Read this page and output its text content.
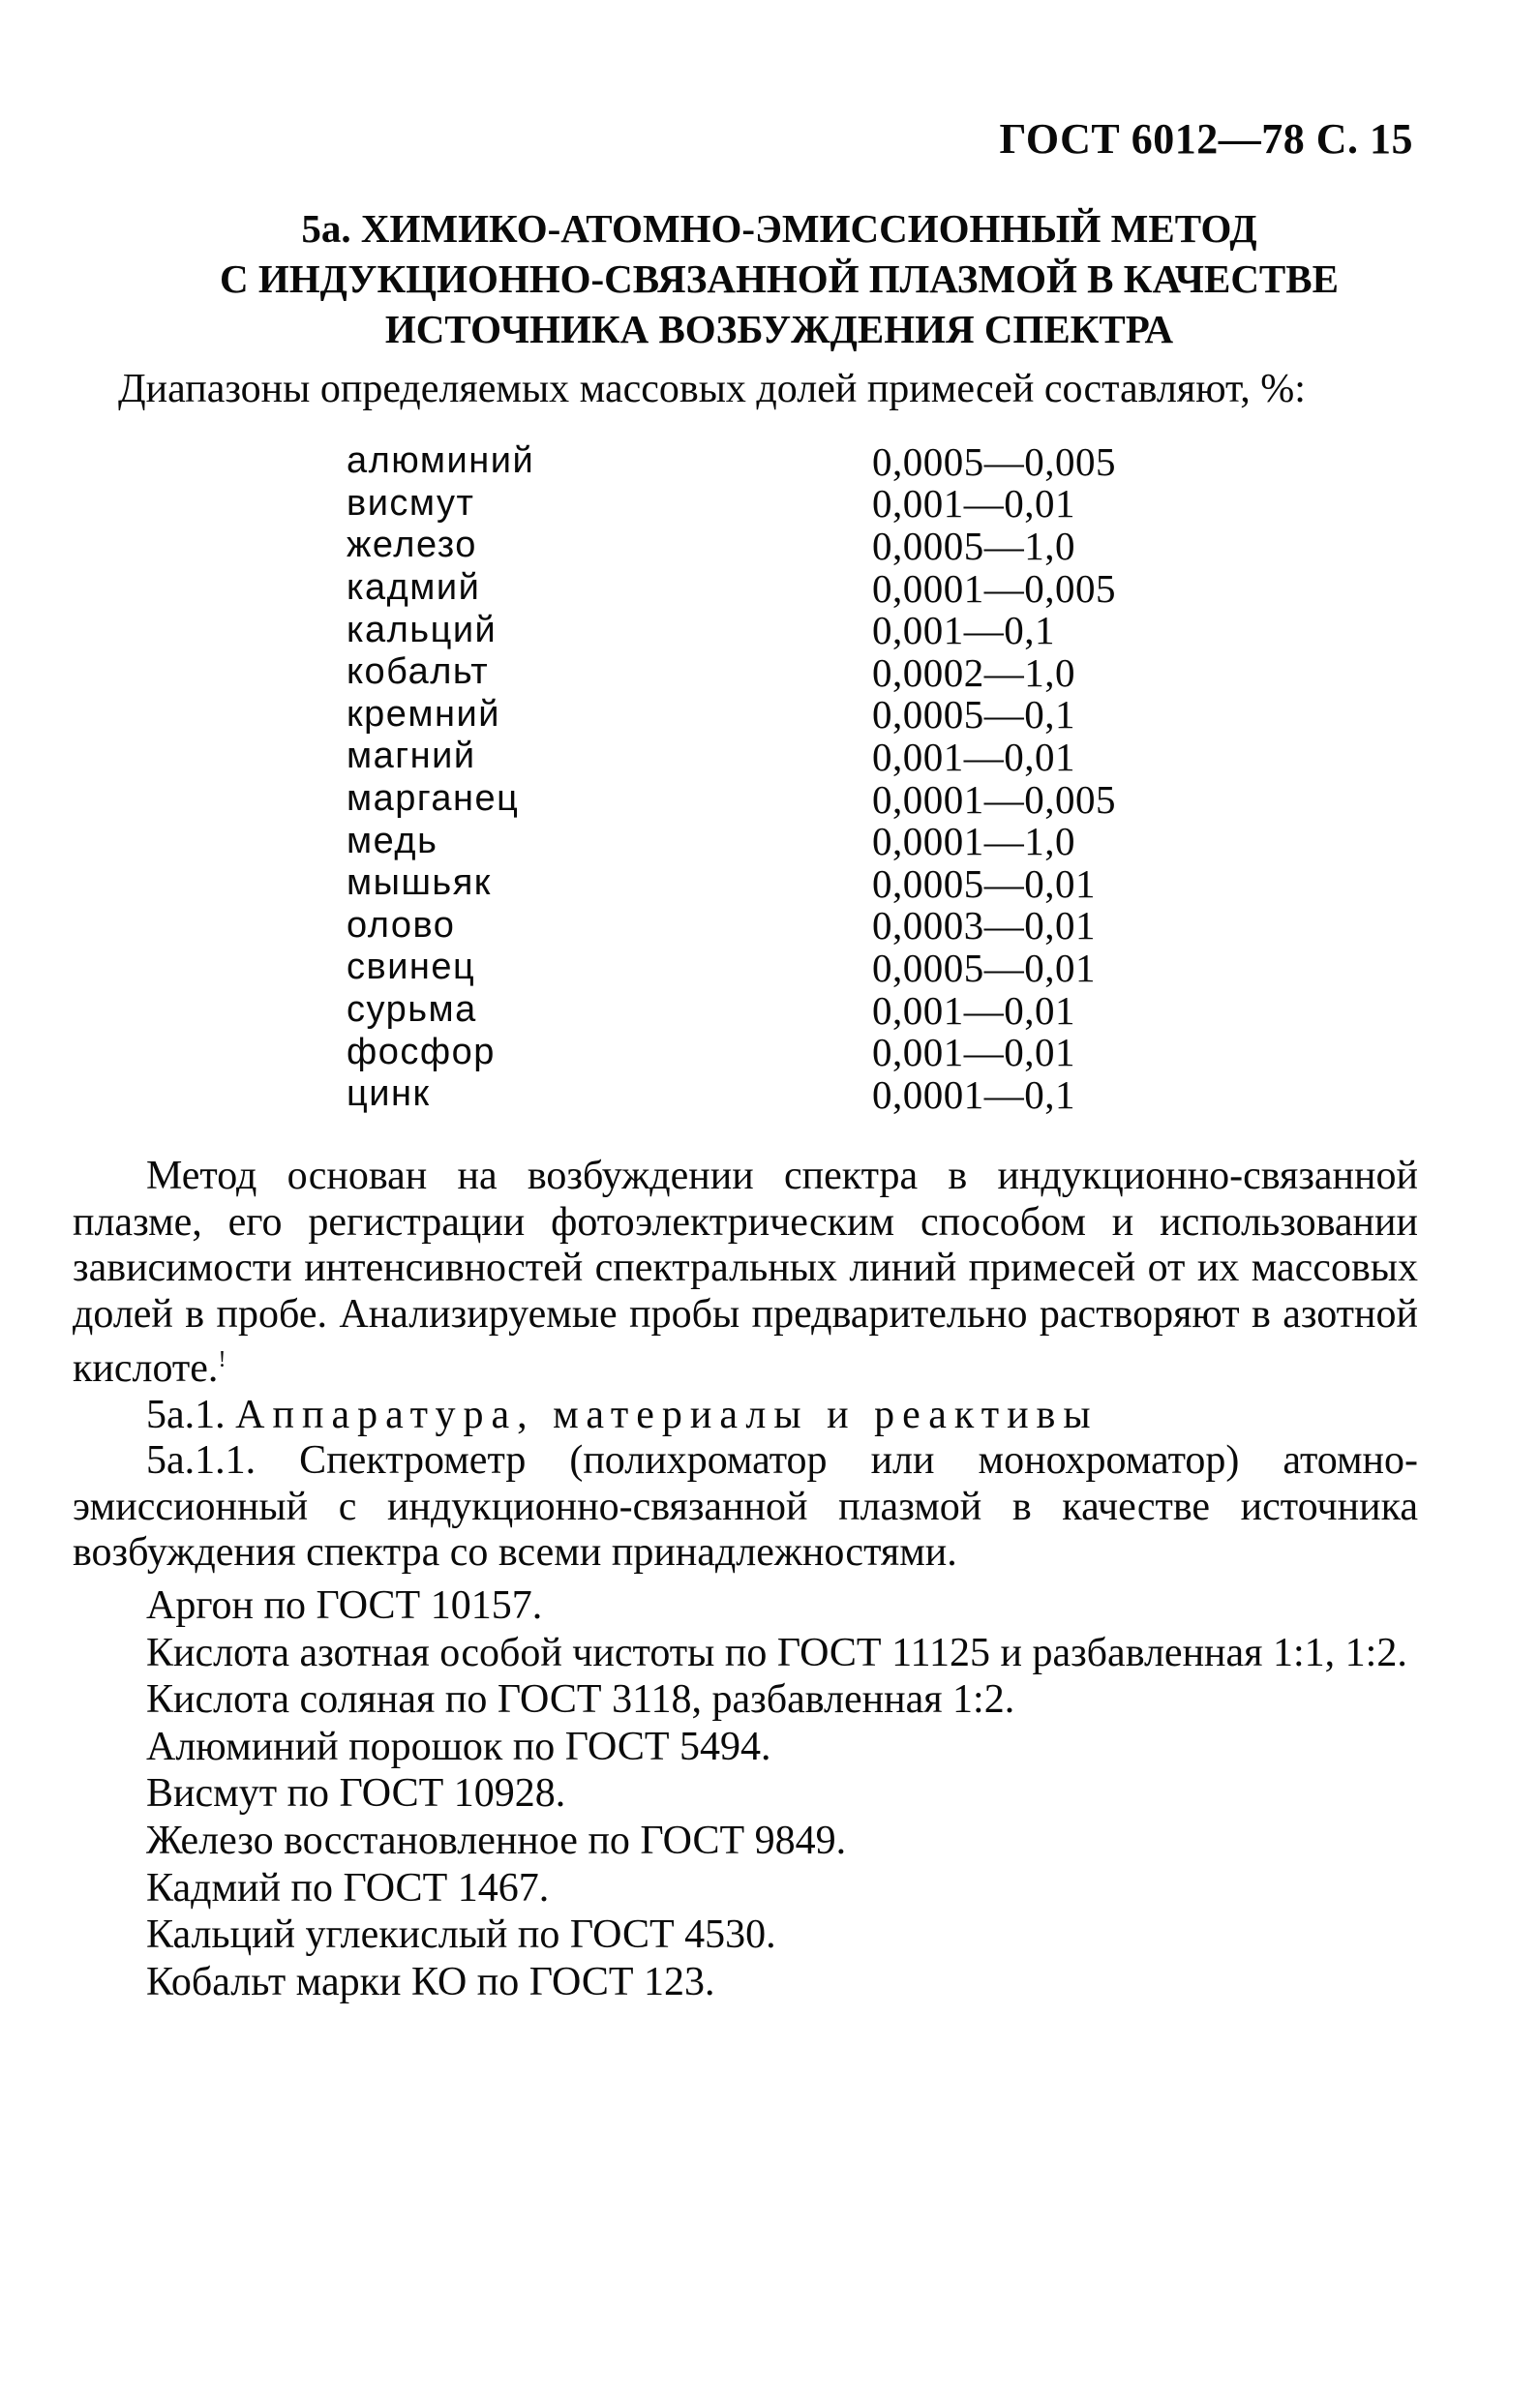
ГОСТ 6012—78 С. 15
5а. ХИМИКО-АТОМНО-ЭМИССИОННЫЙ МЕТОД
С ИНДУКЦИОННО-СВЯЗАННОЙ ПЛАЗМОЙ В КАЧЕСТВЕ
ИСТОЧНИКА ВОЗБУЖДЕНИЯ СПЕКТРА
Диапазоны определяемых массовых долей примесей составляют, %:
алюминий	0,0005—0,005
висмут	0,001—0,01
железо	0,0005—1,0
кадмий	0,0001—0,005
кальций	0,001—0,1
кобальт	0,0002—1,0
кремний	0,0005—0,1
магний	0,001—0,01
марганец	0,0001—0,005
медь	0,0001—1,0
мышьяк	0,0005—0,01
олово	0,0003—0,01
свинец	0,0005—0,01
сурьма	0,001—0,01
фосфор	0,001—0,01
цинк	0,0001—0,1

Метод основан на возбуждении спектра в индукционно-связанной плазме, его регистрации фотоэлектрическим способом и использовании зависимости интенсивностей спектральных линий примесей от их массовых долей в пробе. Анализируемые пробы предварительно растворяют в азотной кислоте.!

5а.1. Аппаратура, материалы и реактивы

5а.1.1. Спектрометр (полихроматор или монохроматор) атомно-эмиссионный с индукционно-связанной плазмой в качестве источника возбуждения спектра со всеми принадлежностями.

Аргон по ГОСТ 10157.

Кислота азотная особой чистоты по ГОСТ 11125 и разбавленная 1:1, 1:2.

Кислота соляная по ГОСТ 3118, разбавленная 1:2.

Алюминий порошок по ГОСТ 5494.

Висмут по ГОСТ 10928.

Железо восстановленное по ГОСТ 9849.

Кадмий по ГОСТ 1467.

Кальций углекислый по ГОСТ 4530.

Кобальт марки КО по ГОСТ 123.
